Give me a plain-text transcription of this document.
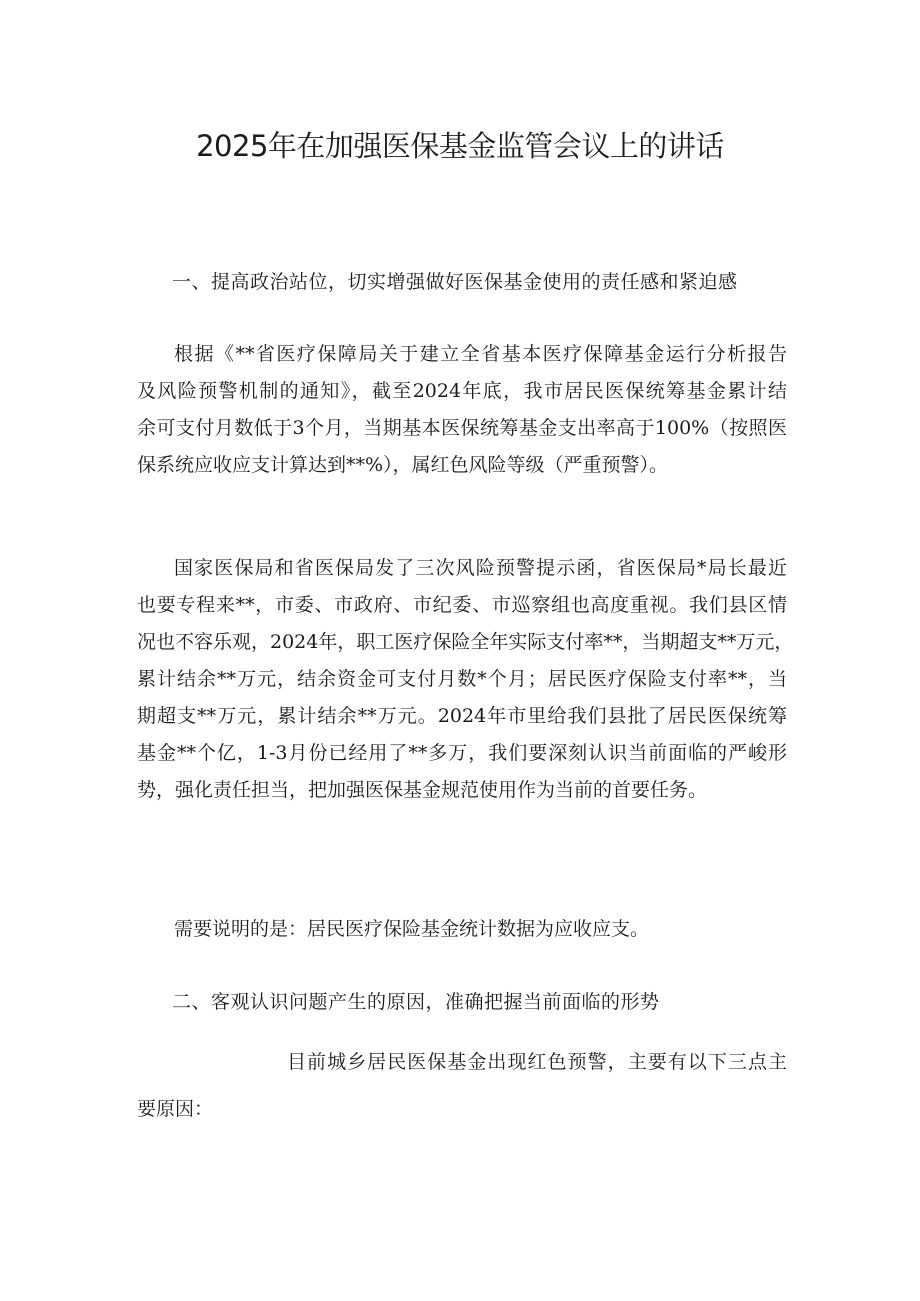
2025年在加强医保基金监管会议上的讲话
一、提高政治站位，切实增强做好医保基金使用的责任感和紧迫感
根据《**省医疗保障局关于建立全省基本医疗保障基金运行分析报告
及风险预警机制的通知》，截至2024年底，我市居民医保统筹基金累计结
余可支付月数低于3个月，当期基本医保统筹基金支出率高于100%（按照医
保系统应收应支计算达到**%），属红色风险等级（严重预警）。
国家医保局和省医保局发了三次风险预警提示函，省医保局*局长最近
也要专程来**，市委、市政府、市纪委、市巡察组也高度重视。我们县区情
况也不容乐观，2024年，职工医疗保险全年实际支付率**，当期超支**万元，
累计结余**万元，结余资金可支付月数*个月；居民医疗保险支付率**，当
期超支**万元，累计结余**万元。2024年市里给我们县批了居民医保统筹
基金**个亿，1-3月份已经用了**多万，我们要深刻认识当前面临的严峻形
势，强化责任担当，把加强医保基金规范使用作为当前的首要任务。
需要说明的是：居民医疗保险基金统计数据为应收应支。
二、客观认识问题产生的原因，准确把握当前面临的形势
目前城乡居民医保基金出现红色预警，主要有以下三点主
要原因：
